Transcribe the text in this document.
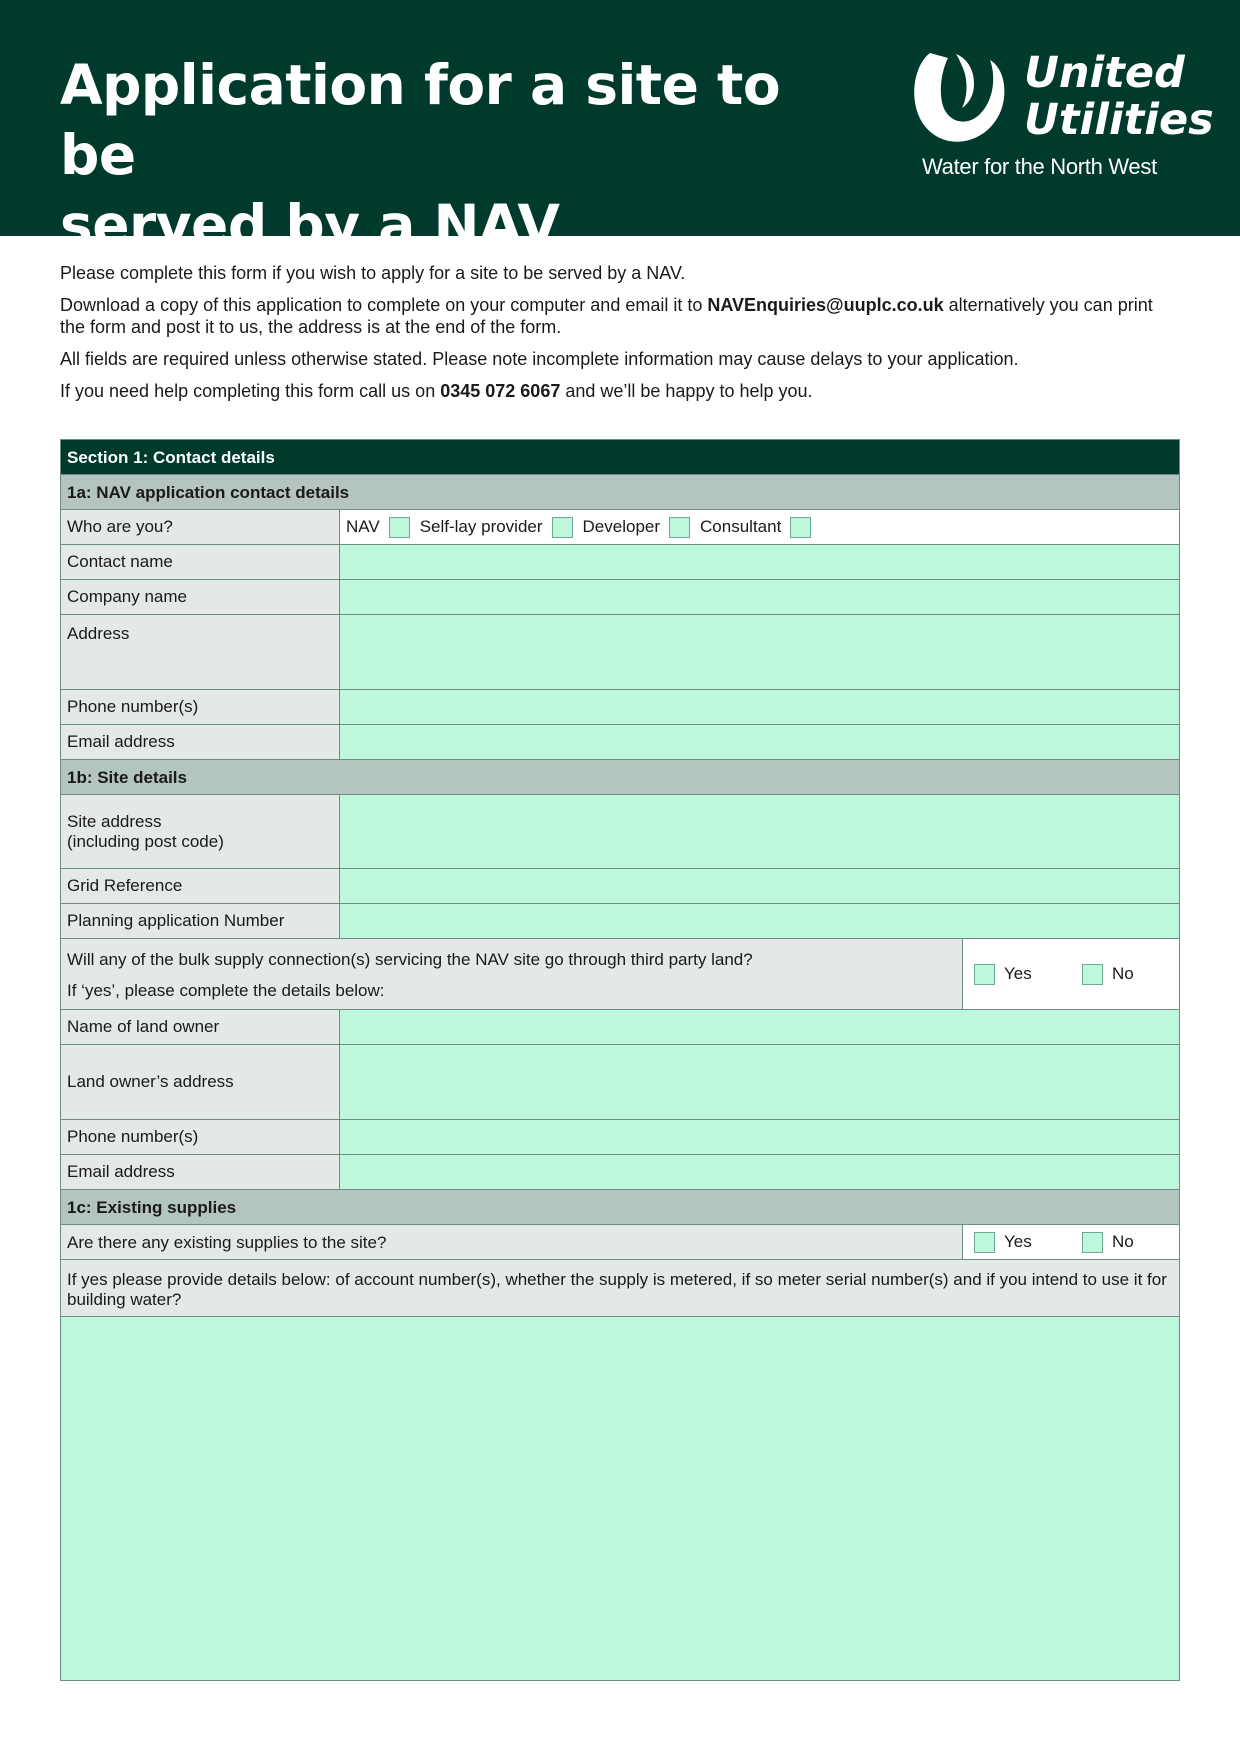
Application for a site to be
served by a NAV
United
Utilities
Water for the North West

Please complete this form if you wish to apply for a site to be served by a NAV.

Download a copy of this application to complete on your computer and email it to NAVEnquiries@uuplc.co.uk alternatively you can print the form and post it to us, the address is at the end of the form.

All fields are required unless otherwise stated. Please note incomplete information may cause delays to your application.

If you need help completing this form call us on 0345 072 6067 and we’ll be happy to help you.

Section 1: Contact details
1a: NAV application contact details
Who are you?	NAV Self-lay provider Developer Consultant
Contact name
Company name
Address
Phone number(s)
Email address
1b: Site details
Site address
(including post code)
Grid Reference
Planning application Number
Will any of the bulk supply connection(s) servicing the NAV site go through third party land?
If ‘yes’, please complete the details below:
Yes	No
Name of land owner
Land owner’s address
Phone number(s)
Email address
1c: Existing supplies
Are there any existing supplies to the site?	Yes	No
If yes please provide details below: of account number(s), whether the supply is metered, if so meter serial number(s) and if you intend to use it for building water?
